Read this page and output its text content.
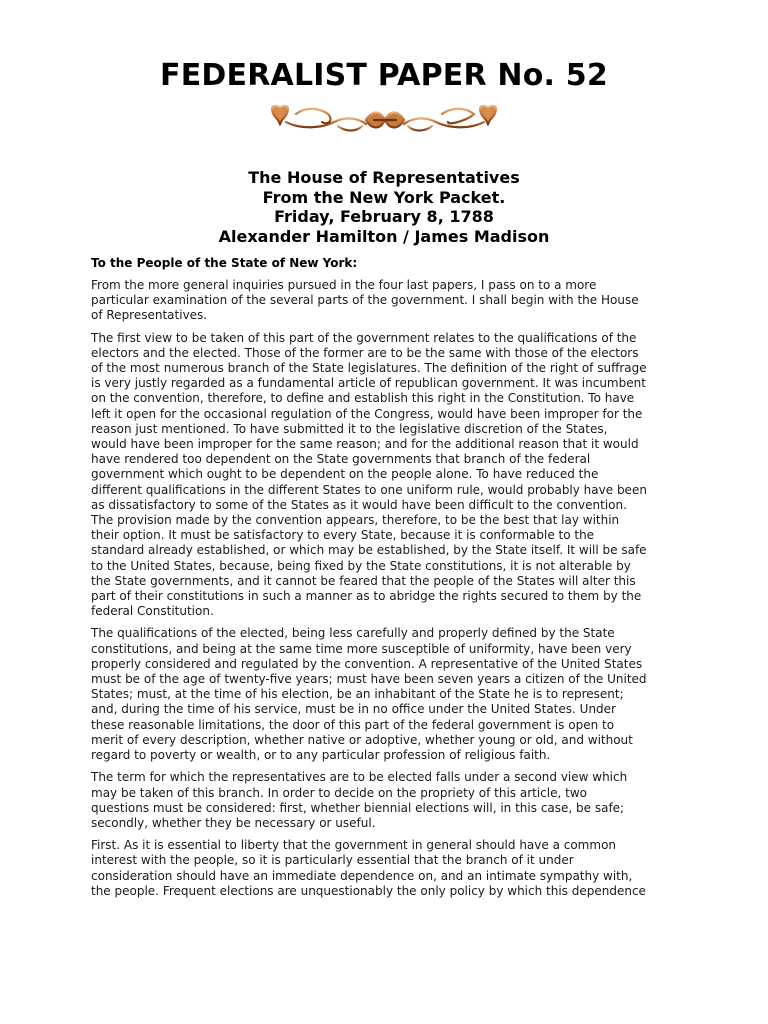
FEDERALIST PAPER No. 52
The House of Representatives
From the New York Packet.
Friday, February 8, 1788
Alexander Hamilton / James Madison
To the People of the State of New York:
From the more general inquiries pursued in the four last papers, I pass on to a more
particular examination of the several parts of the government. I shall begin with the House
of Representatives.
The first view to be taken of this part of the government relates to the qualifications of the
electors and the elected. Those of the former are to be the same with those of the electors
of the most numerous branch of the State legislatures. The definition of the right of suffrage
is very justly regarded as a fundamental article of republican government. It was incumbent
on the convention, therefore, to define and establish this right in the Constitution. To have
left it open for the occasional regulation of the Congress, would have been improper for the
reason just mentioned. To have submitted it to the legislative discretion of the States,
would have been improper for the same reason; and for the additional reason that it would
have rendered too dependent on the State governments that branch of the federal
government which ought to be dependent on the people alone. To have reduced the
different qualifications in the different States to one uniform rule, would probably have been
as dissatisfactory to some of the States as it would have been difficult to the convention.
The provision made by the convention appears, therefore, to be the best that lay within
their option. It must be satisfactory to every State, because it is conformable to the
standard already established, or which may be established, by the State itself. It will be safe
to the United States, because, being fixed by the State constitutions, it is not alterable by
the State governments, and it cannot be feared that the people of the States will alter this
part of their constitutions in such a manner as to abridge the rights secured to them by the
federal Constitution.
The qualifications of the elected, being less carefully and properly defined by the State
constitutions, and being at the same time more susceptible of uniformity, have been very
properly considered and regulated by the convention. A representative of the United States
must be of the age of twenty-five years; must have been seven years a citizen of the United
States; must, at the time of his election, be an inhabitant of the State he is to represent;
and, during the time of his service, must be in no office under the United States. Under
these reasonable limitations, the door of this part of the federal government is open to
merit of every description, whether native or adoptive, whether young or old, and without
regard to poverty or wealth, or to any particular profession of religious faith.
The term for which the representatives are to be elected falls under a second view which
may be taken of this branch. In order to decide on the propriety of this article, two
questions must be considered: first, whether biennial elections will, in this case, be safe;
secondly, whether they be necessary or useful.
First. As it is essential to liberty that the government in general should have a common
interest with the people, so it is particularly essential that the branch of it under
consideration should have an immediate dependence on, and an intimate sympathy with,
the people. Frequent elections are unquestionably the only policy by which this dependence
